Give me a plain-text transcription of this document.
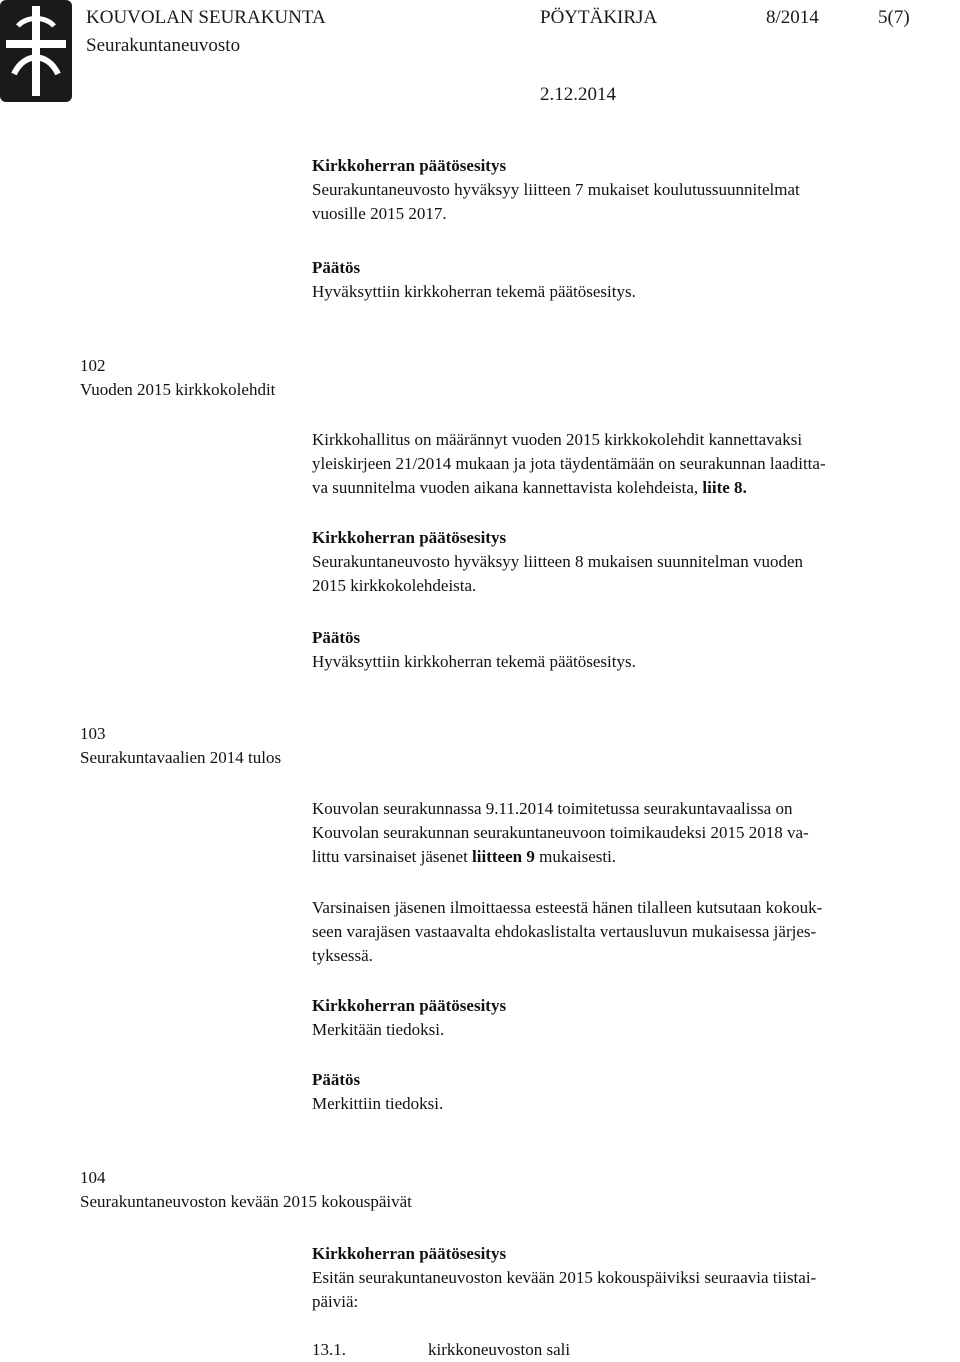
KOUVOLAN SEURAKUNTA
Seurakuntaneuvosto
PÖYTÄKIRJA	8/2014	5(7)
2.12.2014
Kirkkoherran päätösesitys
Seurakuntaneuvosto hyväksyy liitteen 7 mukaiset koulutussuunnitelmat
vuosille 2015 2017.
Päätös
Hyväksyttiin kirkkoherran tekemä päätösesitys.
102
Vuoden 2015 kirkkokolehdit
Kirkkohallitus on määrännyt vuoden 2015 kirkkokolehdit kannettavaksi
yleiskirjeen 21/2014 mukaan ja jota täydentämään on seurakunnan laaditta-
va suunnitelma vuoden aikana kannettavista kolehdeista, liite 8.
Kirkkoherran päätösesitys
Seurakuntaneuvosto hyväksyy liitteen 8 mukaisen suunnitelman vuoden
2015 kirkkokolehdeista.
Päätös
Hyväksyttiin kirkkoherran tekemä päätösesitys.
103
Seurakuntavaalien 2014 tulos
Kouvolan seurakunnassa 9.11.2014 toimitetussa seurakuntavaalissa on
Kouvolan seurakunnan seurakuntaneuvoon toimikaudeksi 2015 2018 va-
littu varsinaiset jäsenet liitteen 9 mukaisesti.
Varsinaisen jäsenen ilmoittaessa esteestä hänen tilalleen kutsutaan kokouk-
seen varajäsen vastaavalta ehdokaslistalta vertausluvun mukaisessa järjes-
tyksessä.
Kirkkoherran päätösesitys
Merkitään tiedoksi.
Päätös
Merkittiin tiedoksi.
104
Seurakuntaneuvoston kevään 2015 kokouspäivät
Kirkkoherran päätösesitys
Esitän seurakuntaneuvoston kevään 2015 kokouspäiviksi seuraavia tiistai-
päiviä:
13.1.	kirkkoneuvoston sali
